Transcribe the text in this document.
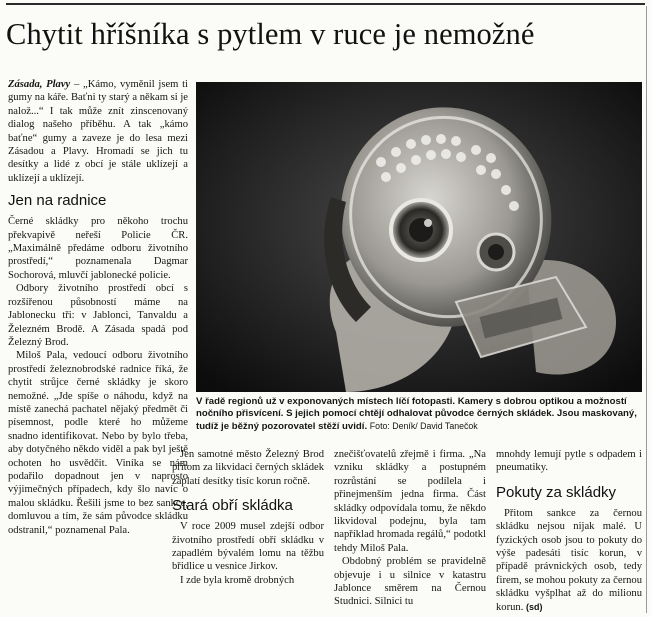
Chytit hříšníka s pytlem v ruce je nemožné

Zásada, Plavy – „Kámo, vyměnil jsem ti gumy na káře. Baťni ty starý a někam si je nalož...“ I tak může znít zinscenovaný dialog našeho příběhu. A tak „kámo baťne“ gumy a zaveze je do lesa mezi Zásadou a Plavy. Hromadí se jich tu desítky a lidé z obcí je stále uklízejí a uklízejí a uklízejí.

Jen na radnice

Černé skládky pro někoho trochu překvapivě neřeší Policie ČR. „Maximálně předáme odboru životního prostředí,“ poznamenala Dagmar Sochorová, mluvčí jablonecké policie.

Odbory životního prostředí obcí s rozšířenou působností máme na Jablonecku tři: v Jablonci, Tanvaldu a Železném Brodě. A Zásada spadá pod Železný Brod.

Miloš Pala, vedoucí odboru životního prostředí železnobrodské radnice říká, že chytit strůjce černé skládky je skoro nemožné. „Jde spíše o náhodu, když na místě zanechá pachatel nějaký předmět či písemnost, podle které ho můžeme snadno identifikovat. Nebo by bylo třeba, aby dotyčného někdo viděl a pak byl ještě ochoten ho usvědčit. Viníka se nám podařilo dopadnout jen v naprosto výjimečných případech, kdy šlo navíc o malou skládku. Řešili jsme to bez sankce, domluvou a tím, že sám původce skládku odstranil,“ poznamenal Pala.

V řadě regionů už v exponovaných místech líčí fotopasti. Kamery s dobrou optikou a možností nočního přisvícení. S jejich pomocí chtějí odhalovat původce černých skládek. Jsou maskovaný, tudíž je běžný pozorovatel stěží uvidí. Foto: Deník/ David Tanečok

Jen samotné město Železný Brod přitom za likvidaci černých skládek zaplatí desítky tisíc korun ročně.

Stará obří skládka

V roce 2009 musel zdejší odbor životního prostředí obří skládku v zapadlém bývalém lomu na těžbu břidlice u vesnice Jirkov.

I zde byla kromě drobných

znečišťovatelů zřejmě i firma. „Na vzniku skládky a postupném rozrůstání se podílela i přinejmenším jedna firma. Část skládky odpovídala tomu, že někdo likvidoval podejnu, byla tam například hromada regálů,“ podotkl tehdy Miloš Pala.

Obdobný problém se pravidelně objevuje i u silnice v katastru Jablonce směrem na Černou Studnici. Silnici tu

mnohdy lemují pytle s odpadem i pneumatiky.

Pokuty za skládky

Přitom sankce za černou skládku nejsou nijak malé. U fyzických osob jsou to pokuty do výše padesáti tisíc korun, v případě právnických osob, tedy firem, se mohou pokuty za černou skládku vyšplhat až do milionu korun. (sd)
